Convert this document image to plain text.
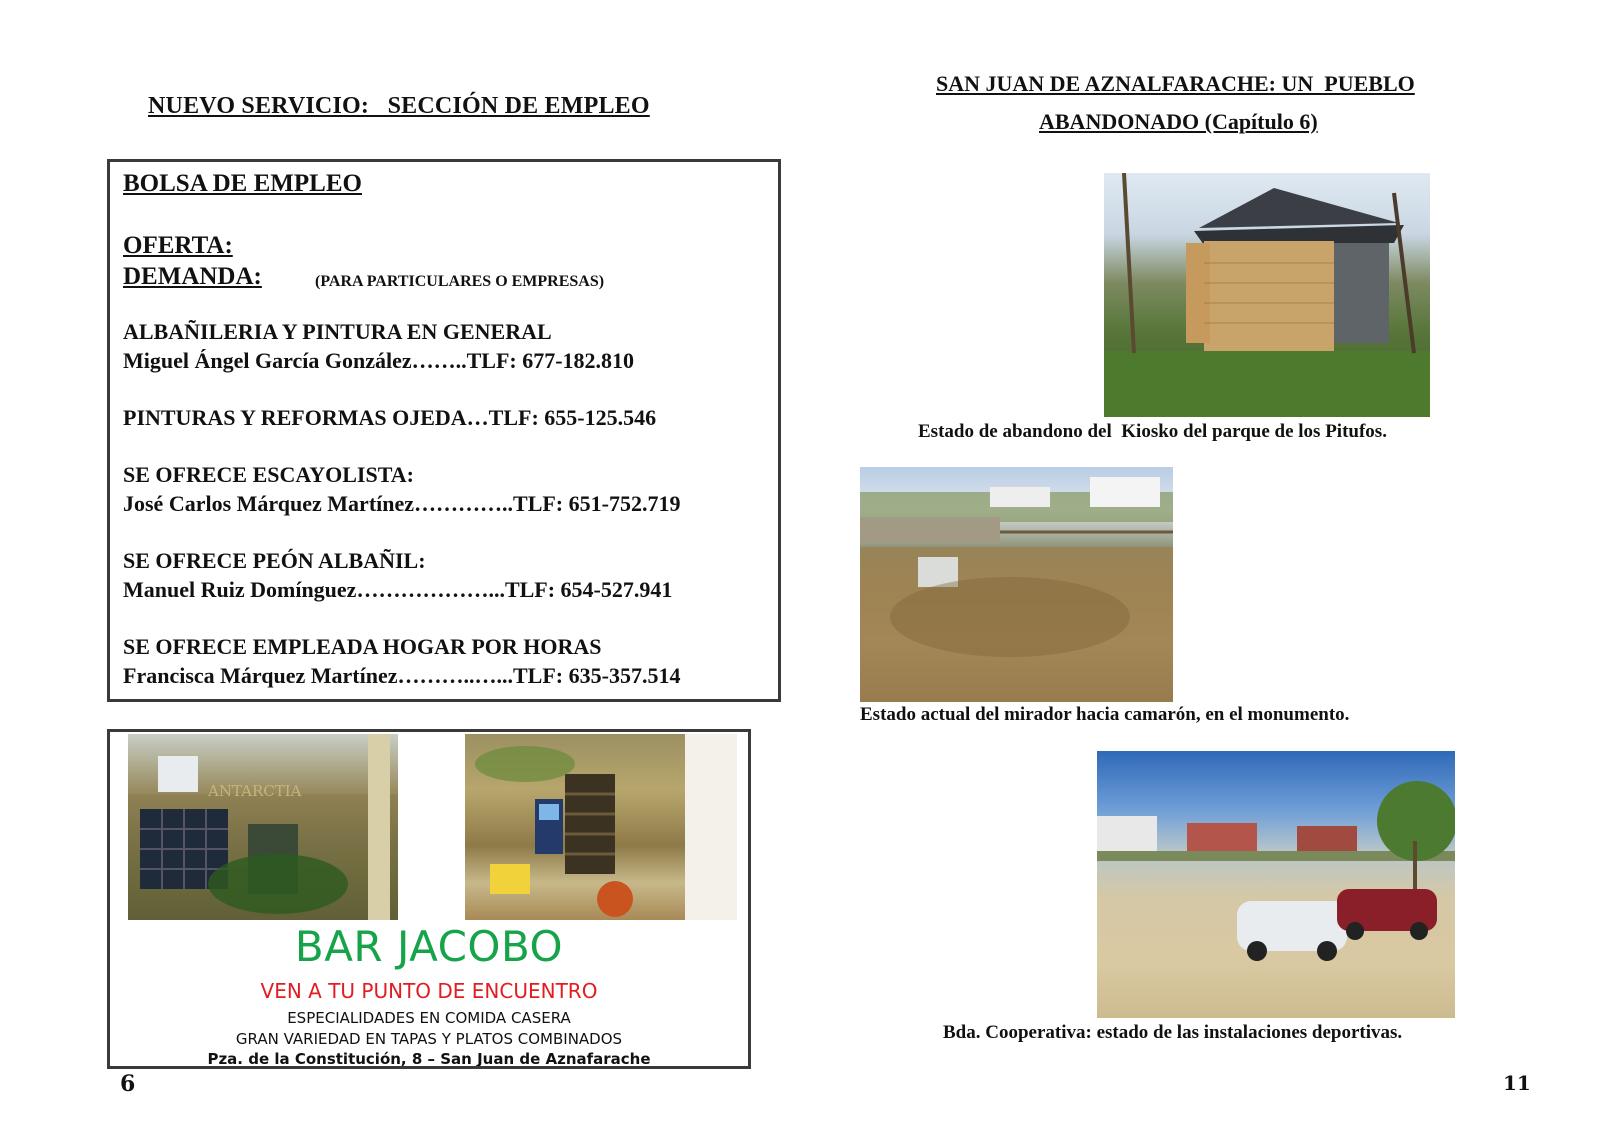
NUEVO SERVICIO:   SECCIÓN DE EMPLEO
BOLSA DE EMPLEO
OFERTA:
DEMANDA:	(PARA PARTICULARES O EMPRESAS)
ALBAÑILERIA Y PINTURA EN GENERAL
Miguel Ángel García González……..TLF: 677-182.810
PINTURAS Y REFORMAS OJEDA…TLF: 655-125.546
SE OFRECE ESCAYOLISTA:
José Carlos Márquez Martínez…………..TLF: 651-752.719
SE OFRECE PEÓN ALBAÑIL:
Manuel Ruiz Domínguez………………...TLF: 654-527.941
SE OFRECE EMPLEADA HOGAR POR HORAS
Francisca Márquez Martínez………..…...TLF: 635-357.514
ANTARCTIA
BAR JACOBO
VEN A TU PUNTO DE ENCUENTRO
ESPECIALIDADES EN COMIDA CASERA
GRAN VARIEDAD EN TAPAS Y PLATOS COMBINADOS
Pza. de la Constitución, 8 – San Juan de Aznafarache
6
SAN JUAN DE AZNALFARACHE: UN  PUEBLO
ABANDONADO (Capítulo 6)
Estado de abandono del  Kiosko del parque de los Pitufos.
Estado actual del mirador hacia camarón, en el monumento.
Bda. Cooperativa: estado de las instalaciones deportivas.
11
